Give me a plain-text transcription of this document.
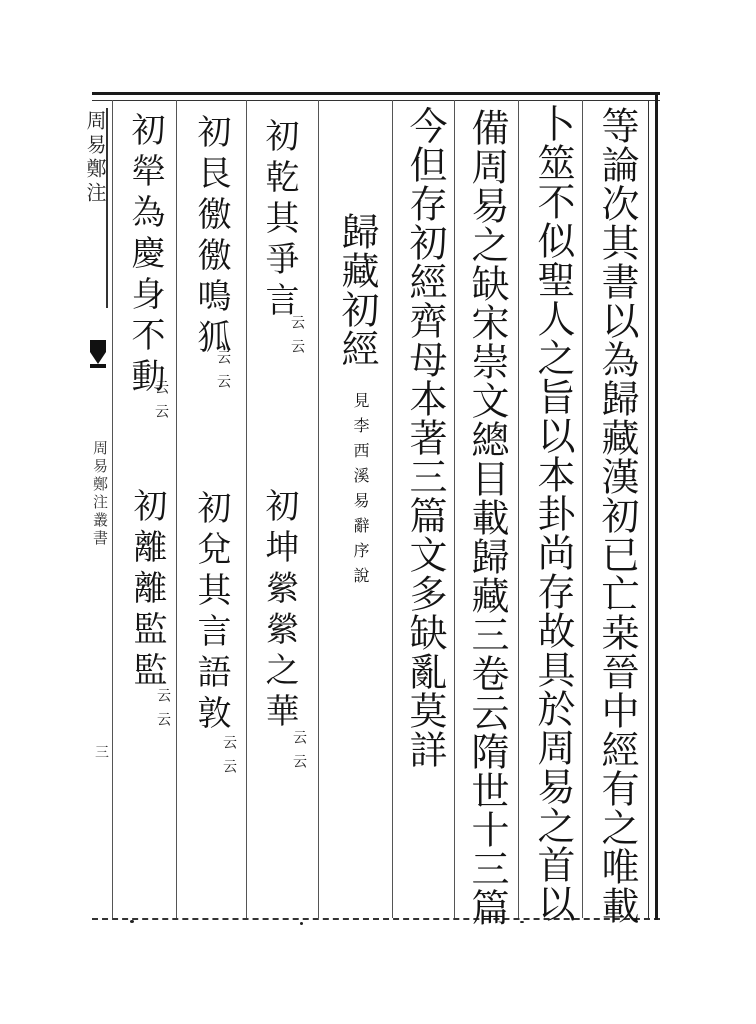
周易鄭注
周易鄭注叢書
三	等論次其書以為歸藏漢初已亡桒晉中經有之唯載
卜筮不似聖人之旨以本卦尚存故具於周易之首以
備周易之缺宋崇文總目載歸藏三卷云隋世十三篇
今但存初經齊母本著三篇文多缺亂莫詳
歸藏初經
見李西溪易辭序說
初乾其爭言
云云
初坤縈縈之華
云云
初艮徼徼鳴狐
云云
初兌其言語敦
云云
初犖為慶身不動
云云
初離離監監
云云
